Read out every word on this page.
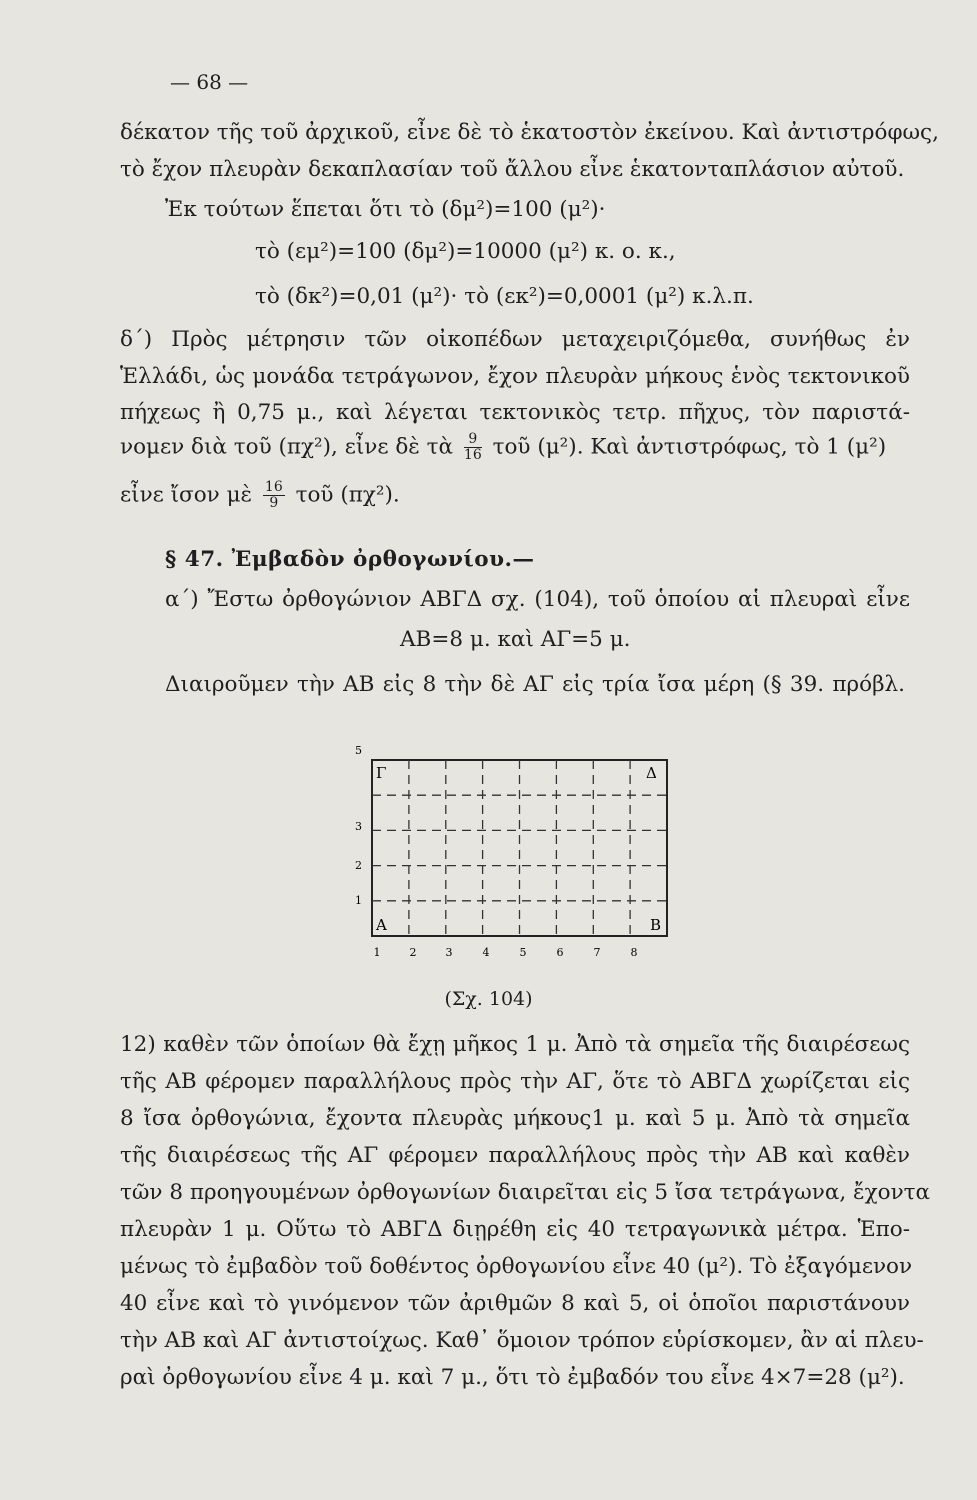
— 68 —
δέκατον τῆς τοῦ ἀρχικοῦ, εἶνε δὲ τὸ ἑκατοστὸν ἐκείνου. Καὶ ἀντιστρόφως,
τὸ ἔχον πλευρὰν δεκαπλασίαν τοῦ ἄλλου εἶνε ἑκατονταπλάσιον αὐτοῦ.
Ἐκ τούτων ἕπεται ὅτι τὸ (δμ²)=100 (μ²)·
τὸ (εμ²)=100 (δμ²)=10000 (μ²) κ. ο. κ.,
τὸ (δκ²)=0,01 (μ²)· τὸ (εκ²)=0,0001 (μ²) κ.λ.π.
δ΄) Πρὸς μέτρησιν τῶν οἰκοπέδων μεταχειριζόμεθα, συνήθως ἐν
Ἑλλάδι, ὡς μονάδα τετράγωνον, ἔχον πλευρὰν μήκους ἑνὸς τεκτονικοῦ
πήχεως ἢ 0,75 μ., καὶ λέγεται τεκτονικὸς τετρ. πῆχυς, τὸν παριστά-
νομεν διὰ τοῦ (πχ²), εἶνε δὲ τὰ $\frac{9}{16}$ τοῦ (μ²). Καὶ ἀντιστρόφως, τὸ 1 (μ²)
εἶνε ἴσον μὲ $\frac{16}{9}$ τοῦ (πχ²).
§ 47. Ἐμβαδὸν ὀρθογωνίου.—
α΄) Ἔστω ὀρθογώνιον ΑΒΓΔ σχ. (104), τοῦ ὁποίου αἱ πλευραὶ εἶνε
ΑΒ=8 μ. καὶ ΑΓ=5 μ.
Διαιροῦμεν τὴν ΑΒ εἰς 8 τὴν δὲ ΑΓ εἰς τρία ἴσα μέρη (§ 39. πρόβλ.
Γ	Δ
Α	Β
5
3
2
1
1	2	3	4	5	6	7	8
(Σχ. 104)
12) καθὲν τῶν ὁποίων θὰ ἔχῃ μῆκος 1 μ. Ἀπὸ τὰ σημεῖα τῆς διαιρέσεως
τῆς ΑΒ φέρομεν παραλλήλους πρὸς τὴν ΑΓ, ὅτε τὸ ΑΒΓΔ χωρίζεται εἰς
8 ἴσα ὀρθογώνια, ἔχοντα πλευρὰς μήκους1 μ. καὶ 5 μ. Ἀπὸ τὰ σημεῖα
τῆς διαιρέσεως τῆς ΑΓ φέρομεν παραλλήλους πρὸς τὴν ΑΒ καὶ καθὲν
τῶν 8 προηγουμένων ὀρθογωνίων διαιρεῖται εἰς 5 ἴσα τετράγωνα, ἔχοντα
πλευρὰν 1 μ. Οὕτω τὸ ΑΒΓΔ διῃρέθη εἰς 40 τετραγωνικὰ μέτρα. Ἑπο-
μένως τὸ ἐμβαδὸν τοῦ δοθέντος ὀρθογωνίου εἶνε 40 (μ²). Τὸ ἐξαγόμενον
40 εἶνε καὶ τὸ γινόμενον τῶν ἀριθμῶν 8 καὶ 5, οἱ ὁποῖοι παριστάνουν
τὴν ΑΒ καὶ ΑΓ ἀντιστοίχως. Καθ᾽ ὅμοιον τρόπον εὑρίσκομεν, ἂν αἱ πλευ-
ραὶ ὀρθογωνίου εἶνε 4 μ. καὶ 7 μ., ὅτι τὸ ἐμβαδόν του εἶνε 4×7=28 (μ²).
